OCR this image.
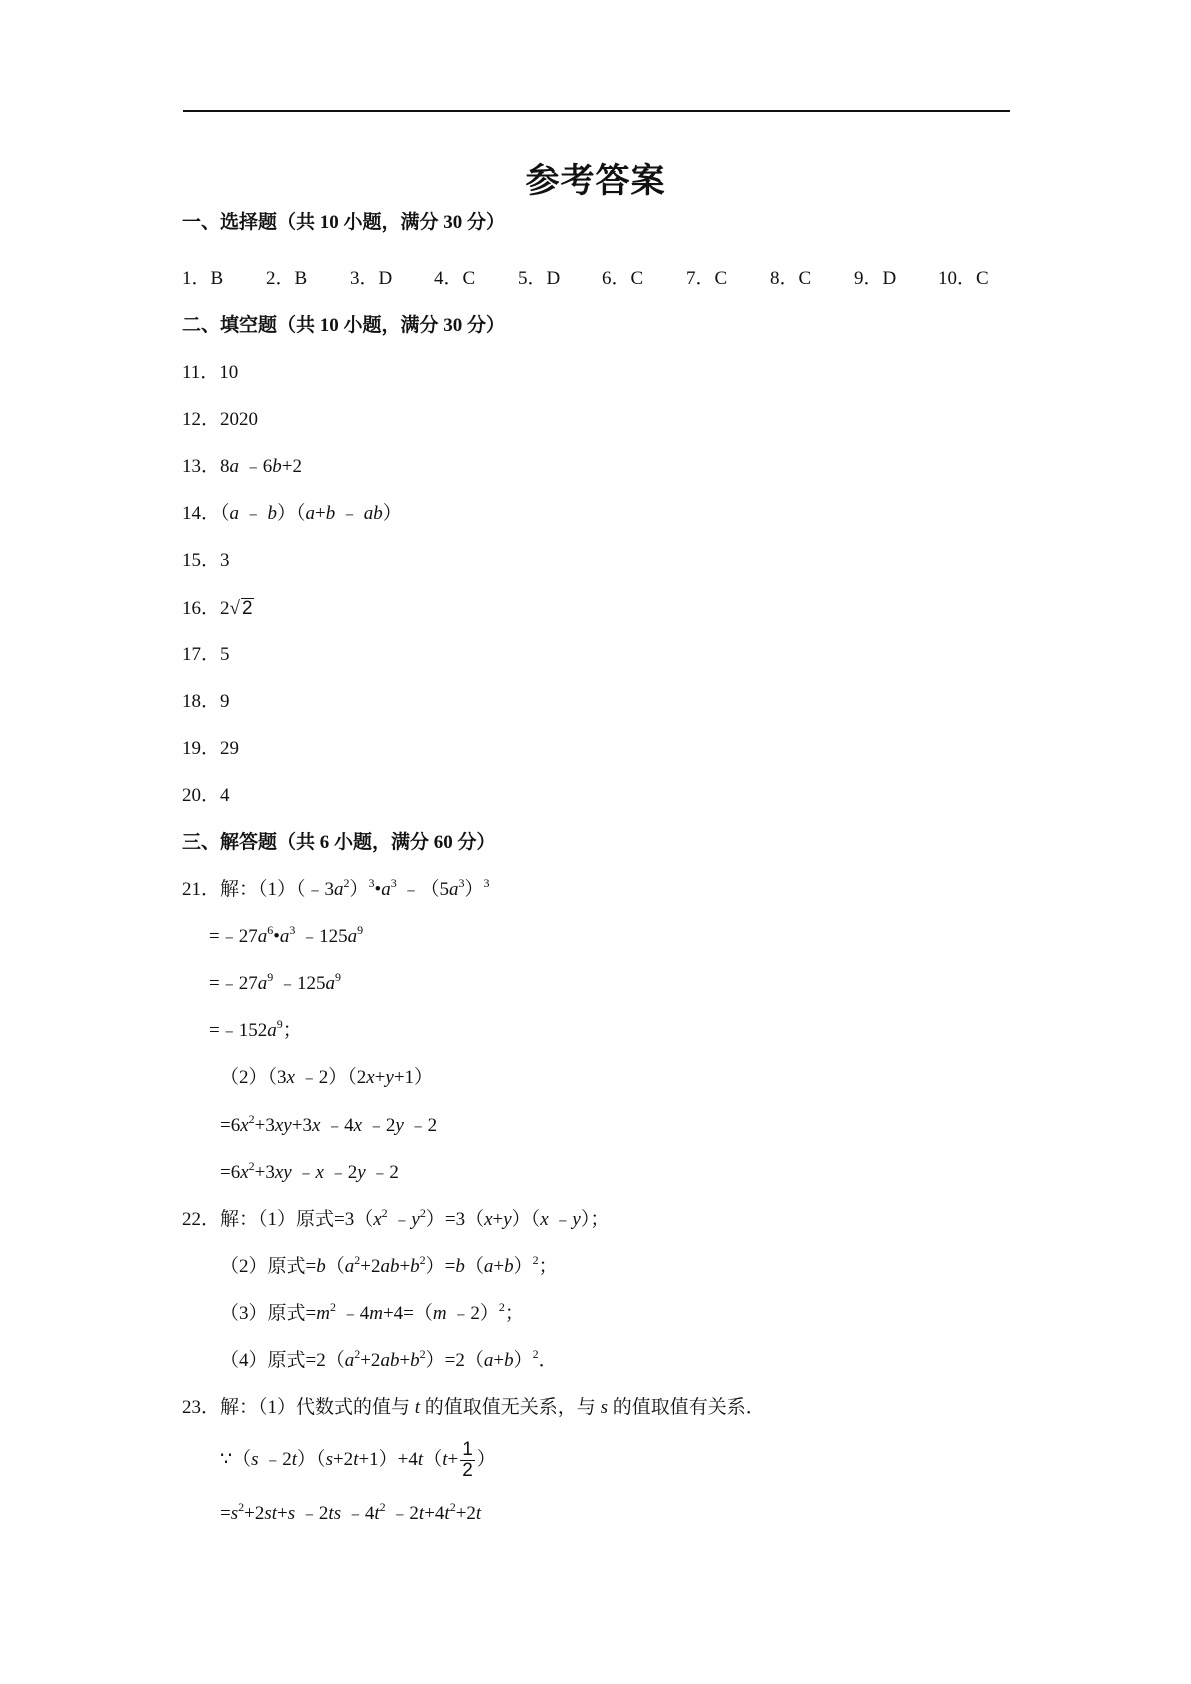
参考答案
一、选择题（共 10 小题，满分 30 分）
1．B 2．B 3．D 4．C 5．D 6．C 7．C 8．C 9．D 10．C
二、填空题（共 10 小题，满分 30 分）
11．10
12．2020
13．8a ﹣6b+2
14．（a ﹣ b）（a+b ﹣ ab）
15．3
16．2√ 2
17．5
18．9
19．29
20．4
三、解答题（共 6 小题，满分 60 分）
21．解：$(1)(﹣3a^2)^3•a^3$ $﹣(5a^3)^3$
$=﹣27a^6•a^3$ $﹣125a^9$
$=﹣27a^9$ $﹣125a^9$
$=﹣152a^9$；
（2）（3x ﹣2）（2x+y+1）
$=6x^2+3xy+3x$ ﹣4x ﹣2y ﹣2
$=6x^2+3xy$ ﹣x ﹣2y ﹣2
22．解：（1）原式$=3(x^2$ $﹣y^2)=3(x+y)(x$ ﹣y）；
（2）原式$=b(a^2+2ab+b^2)=b(a+b)^2$；
（3）原式$=m^2$ ﹣4m+4=（m ﹣2）$^2$；
（4）原式$=2(a^2+2ab+b^2)=2(a+b)^2$．
23．解：（1）代数式的值与 t 的值取值无关系，与 s 的值取值有关系．
∵（s ﹣2t）（s+2t+1）+4t（t+ $\frac{1}{2}$ ）
$=s^2+2st+s$ ﹣2ts $﹣4t^2$ $﹣2t+4t^2+2t$
